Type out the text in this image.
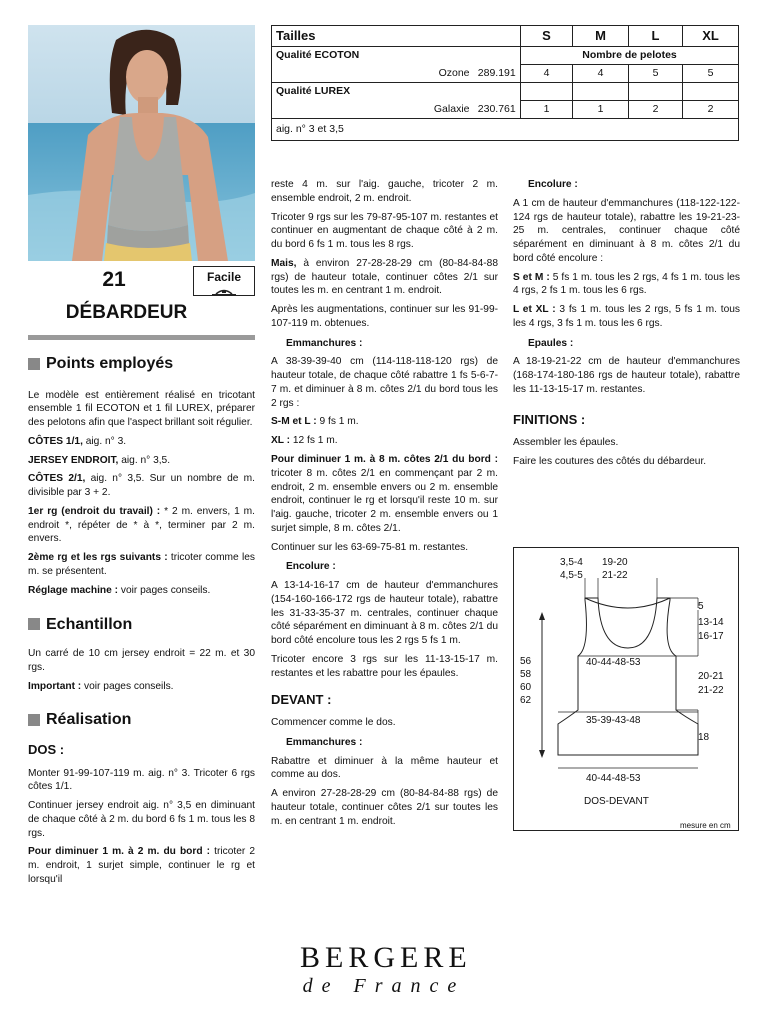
21	Facile
DÉBARDEUR
Points employés

Le modèle est entièrement réalisé en tricotant ensemble 1 fil ECOTON et 1 fil LUREX, préparer des pelotons afin que l'aspect brillant soit régulier.

CÔTES 1/1, aig. n° 3.

JERSEY ENDROIT, aig. n° 3,5.

CÔTES 2/1, aig. n° 3,5. Sur un nombre de m. divisible par 3 + 2.

1er rg (endroit du travail) : * 2 m. envers, 1 m. endroit *, répéter de * à *, terminer par 2 m. envers.

2ème rg et les rgs suivants : tricoter comme les m. se présentent.

Réglage machine : voir pages conseils.

Echantillon

Un carré de 10 cm jersey endroit = 22 m. et 30 rgs.

Important : voir pages conseils.

Réalisation
DOS :

Monter 91-99-107-119 m. aig. n° 3. Tricoter 6 rgs côtes 1/1.

Continuer jersey endroit aig. n° 3,5 en diminuant de chaque côté à 2 m. du bord 6 fs 1 m. tous les 8 rgs.

Pour diminuer 1 m. à 2 m. du bord : tricoter 2 m. endroit, 1 surjet simple, continuer le rg et lorsqu'il

Tailles			S	M	L	XL
Qualité ECOTON			Nombre de pelotes			
	Ozone	289.191	4	4	5	5
Qualité LUREX						
	Galaxie	230.761	1	1	2	2
aig. n° 3 et 3,5						

reste 4 m. sur l'aig. gauche, tricoter 2 m. ensemble endroit, 2 m. endroit.

Tricoter 9 rgs sur les 79-87-95-107 m. restantes et continuer en augmentant de chaque côté à 2 m. du bord 6 fs 1 m. tous les 8 rgs.

Mais, à environ 27-28-28-29 cm (80-84-84-88 rgs) de hauteur totale, continuer côtes 2/1 sur toutes les m. en centrant 1 m. endroit.

Après les augmentations, continuer sur les 91-99-107-119 m. obtenues.

Emmanchures :

A 38-39-39-40 cm (114-118-118-120 rgs) de hauteur totale, de chaque côté rabattre 1 fs 5-6-7-7 m. et diminuer à 8 m. côtes 2/1 du bord tous les 2 rgs :

S-M et L : 9 fs 1 m.

XL : 12 fs 1 m.

Pour diminuer 1 m. à 8 m. côtes 2/1 du bord : tricoter 8 m. côtes 2/1 en commençant par 2 m. endroit, 2 m. ensemble envers ou 2 m. ensemble endroit, continuer le rg et lorsqu'il reste 10 m. sur l'aig. gauche, tricoter 2 m. ensemble envers ou 1 surjet simple, 8 m. côtes 2/1.

Continuer sur les 63-69-75-81 m. restantes.

Encolure :

A 13-14-16-17 cm de hauteur d'emmanchures (154-160-166-172 rgs de hauteur totale), rabattre les 31-33-35-37 m. centrales, continuer chaque côté séparément en diminuant à 8 m. côtes 2/1 du bord côté encolure tous les 2 rgs 5 fs 1 m.

Tricoter encore 3 rgs sur les 11-13-15-17 m. restantes et les rabattre pour les épaules.

DEVANT :

Commencer comme le dos.

Emmanchures :

Rabattre et diminuer à la même hauteur et comme au dos.

A environ 27-28-28-29 cm (80-84-84-88 rgs) de hauteur totale, continuer côtes 2/1 sur toutes les m. en centrant 1 m. endroit.

Encolure :

A 1 cm de hauteur d'emmanchures (118-122-122-124 rgs de hauteur totale), rabattre les 19-21-23-25 m. centrales, continuer chaque côté séparément en diminuant à 8 m. côtes 2/1 du bord côté encolure :

S et M : 5 fs 1 m. tous les 2 rgs, 4 fs 1 m. tous les 4 rgs, 2 fs 1 m. tous les 6 rgs.

L et XL : 3 fs 1 m. tous les 2 rgs, 5 fs 1 m. tous les 4 rgs, 3 fs 1 m. tous les 6 rgs.

Epaules :

A 18-19-21-22 cm de hauteur d'emmanchures (168-174-180-186 rgs de hauteur totale), rabattre les 11-13-15-17 m. restantes.

FINITIONS :

Assembler les épaules.

Faire les coutures des côtés du débardeur.

3,5-4
4,5-5
19-20
21-22
5
13-14
16-17
20-21
21-22
18
56
58
60
62
40-44-48-53
35-39-43-48
40-44-48-53
DOS-DEVANT
mesure en cm
BERGERE
de France
